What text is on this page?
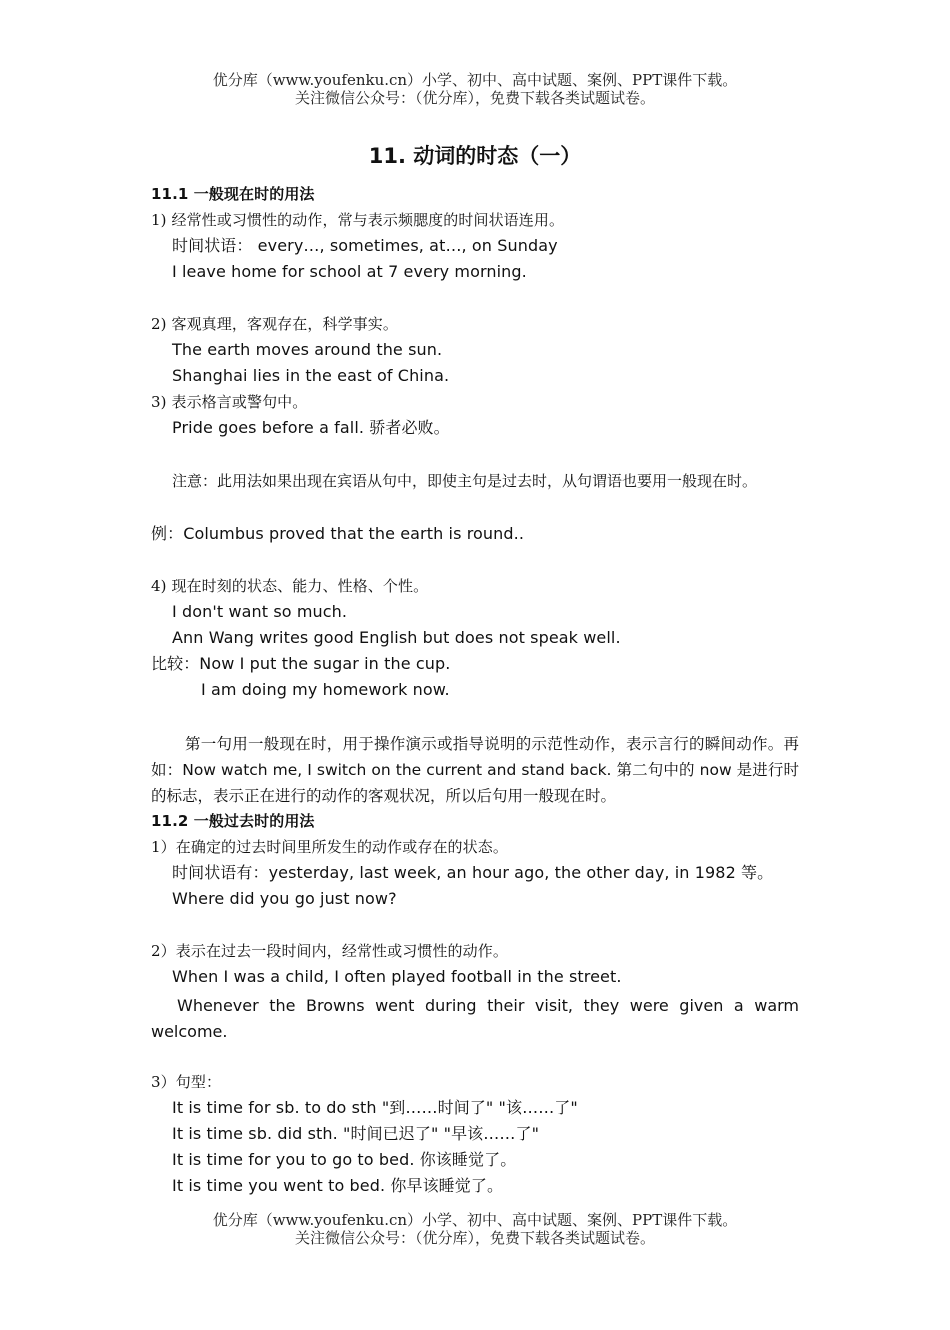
优分库（www.youfenku.cn）小学、初中、高中试题、案例、PPT课件下载。
关注微信公众号：（优分库），免费下载各类试题试卷。
11. 动词的时态（一）
11.1 一般现在时的用法
1) 经常性或习惯性的动作，常与表示频腮度的时间状语连用。
时间状语： every…, sometimes, at…, on Sunday
I leave home for school at 7 every morning.
2) 客观真理，客观存在，科学事实。
The earth moves around the sun.
Shanghai lies in the east of China.
3) 表示格言或警句中。
Pride goes before a fall. 骄者必败。
注意：此用法如果出现在宾语从句中，即使主句是过去时，从句谓语也要用一般现在时。
例：Columbus proved that the earth is round..
4) 现在时刻的状态、能力、性格、个性。
I don't want so much.
Ann Wang writes good English but does not speak well.
比较：Now I put the sugar in the cup.
I am doing my homework now.
第一句用一般现在时，用于操作演示或指导说明的示范性动作，表示言行的瞬间动作。再如：Now watch me, I switch on the current and stand back. 第二句中的 now 是进行时的标志，表示正在进行的动作的客观状况，所以后句用一般现在时。
11.2 一般过去时的用法
1）在确定的过去时间里所发生的动作或存在的状态。
时间状语有：yesterday, last week, an hour ago, the other day, in 1982 等。
Where did you go just now?
2）表示在过去一段时间内，经常性或习惯性的动作。
When I was a child, I often played football in the street.
Whenever the Browns went during their visit, they were given a warm welcome.
3）句型：
It is time for sb. to do sth "到……时间了" "该……了"
It is time sb. did sth. "时间已迟了" "早该……了"
It is time for you to go to bed. 你该睡觉了。
It is time you went to bed. 你早该睡觉了。
优分库（www.youfenku.cn）小学、初中、高中试题、案例、PPT课件下载。
关注微信公众号：（优分库），免费下载各类试题试卷。
